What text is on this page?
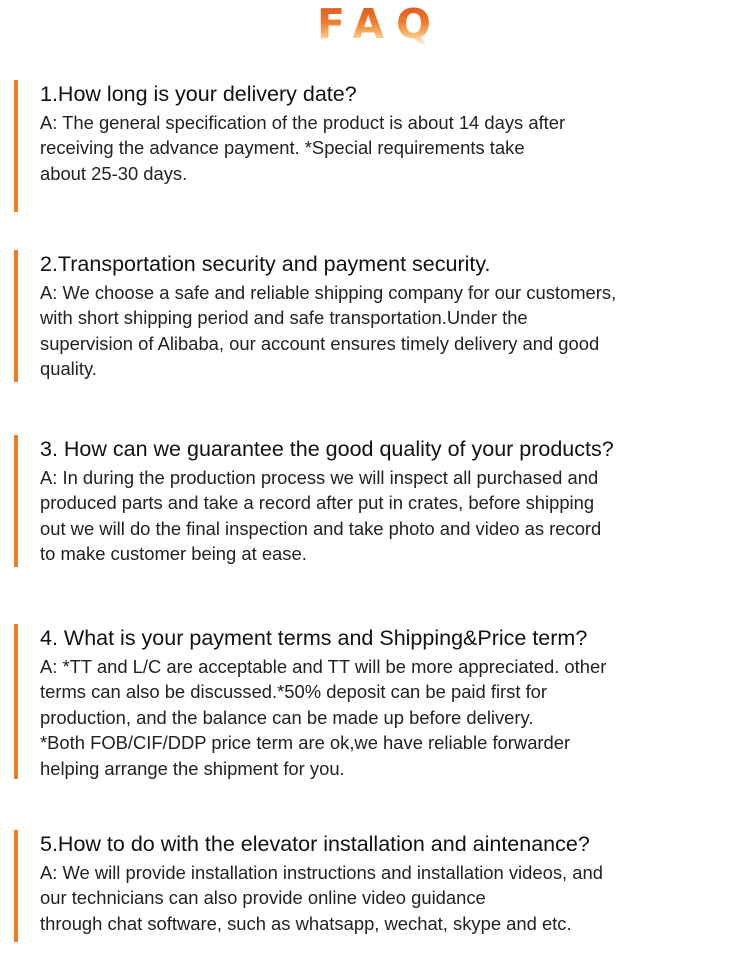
FAQ
1.How long is your delivery date?

A: The general specification of the product is about 14 days after
receiving the advance payment. *Special requirements take
about 25-30 days.

2.Transportation security and payment security.

A: We choose a safe and reliable shipping company for our customers,
with short shipping period and safe transportation.Under the
supervision of Alibaba, our account ensures timely delivery and good
quality.

3. How can we guarantee the good quality of your products?

A: In during the production process we will inspect all purchased and
produced parts and take a record after put in crates, before shipping
out we will do the final inspection and take photo and video as record
to make customer being at ease.

4. What is your payment terms and Shipping&Price term?

A: *TT and L/C are acceptable and TT will be more appreciated. other
terms can also be discussed.*50% deposit can be paid first for
production, and the balance can be made up before delivery.
*Both FOB/CIF/DDP price term are ok,we have reliable forwarder
helping arrange the shipment for you.

5.How to do with the elevator installation and aintenance?

A: We will provide installation instructions and installation videos, and
our technicians can also provide online video guidance
through chat software, such as whatsapp, wechat, skype and etc.
